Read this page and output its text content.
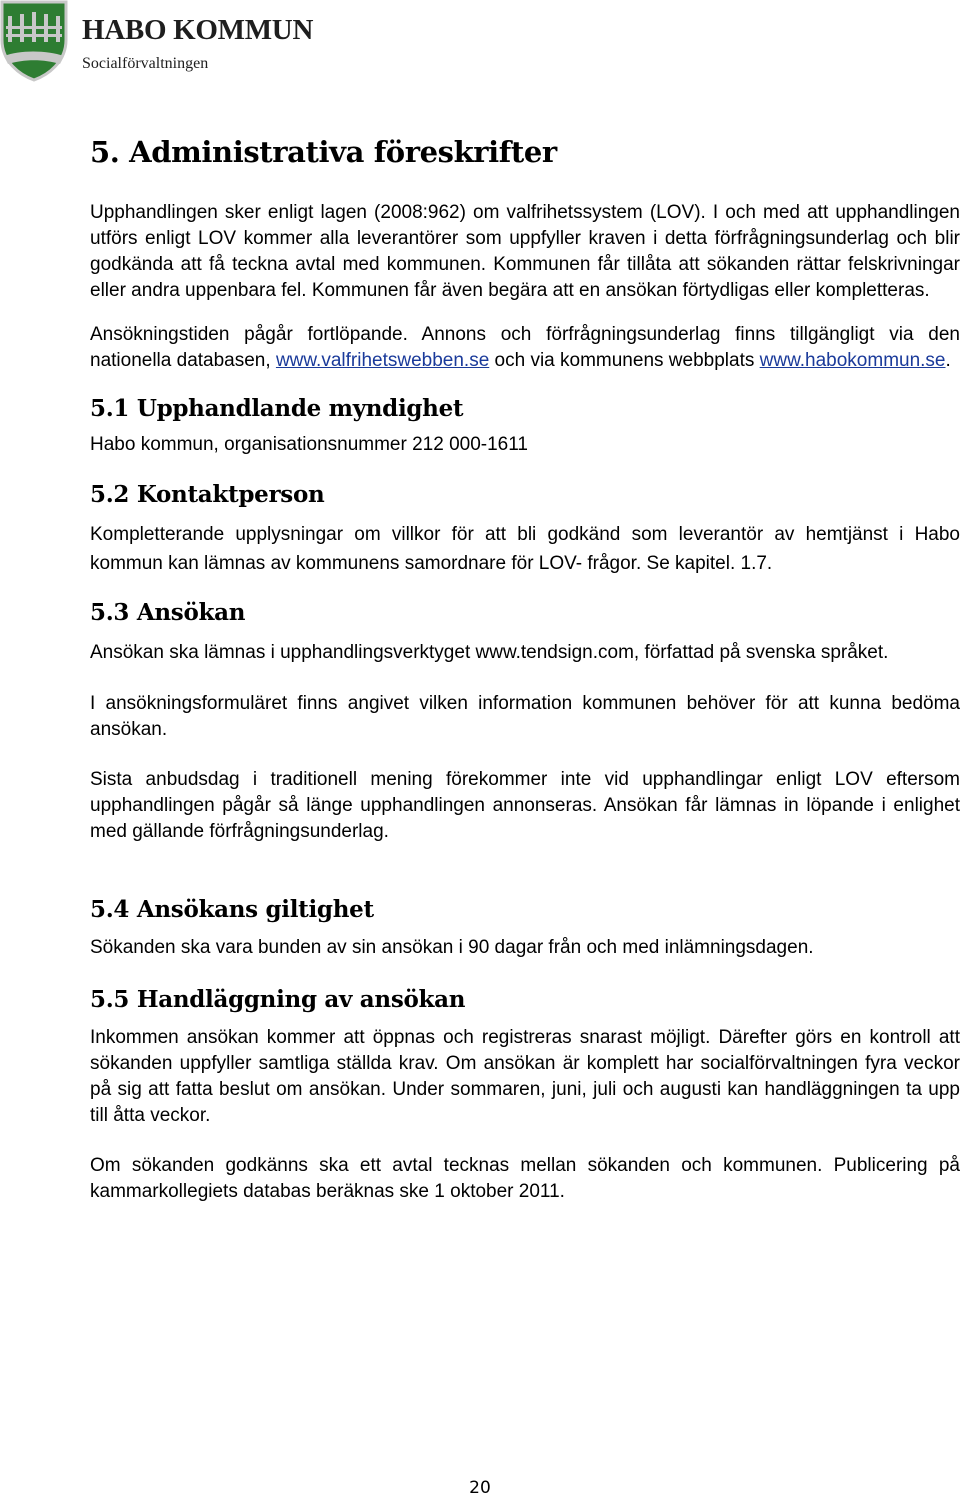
HABO KOMMUN
Socialförvaltningen
5. Administrativa föreskrifter

Upphandlingen sker enligt lagen (2008:962) om valfrihetssystem (LOV). I och med att upphandlingen utförs enligt LOV kommer alla leverantörer som uppfyller kraven i detta förfrågningsunderlag och blir godkända att få teckna avtal med kommunen. Kommunen får tillåta att sökanden rättar felskrivningar eller andra uppenbara fel. Kommunen får även begära att en ansökan förtydligas eller kompletteras.

Ansökningstiden pågår fortlöpande. Annons och förfrågningsunderlag finns tillgängligt via den nationella databasen, www.valfrihetswebben.se och via kommunens webbplats www.habokommun.se.

5.1 Upphandlande myndighet

Habo kommun, organisationsnummer 212 000-1611

5.2 Kontaktperson

Kompletterande upplysningar om villkor för att bli godkänd som leverantör av hemtjänst i Habo kommun kan lämnas av kommunens samordnare för LOV- frågor. Se kapitel. 1.7.

5.3 Ansökan

Ansökan ska lämnas i upphandlingsverktyget www.tendsign.com, författad på svenska språket.

I ansökningsformuläret finns angivet vilken information kommunen behöver för att kunna bedöma ansökan.

Sista anbudsdag i traditionell mening förekommer inte vid upphandlingar enligt LOV eftersom upphandlingen pågår så länge upphandlingen annonseras. Ansökan får lämnas in löpande i enlighet med gällande förfrågningsunderlag.

5.4 Ansökans giltighet

Sökanden ska vara bunden av sin ansökan i 90 dagar från och med inlämningsdagen.

5.5 Handläggning av ansökan

Inkommen ansökan kommer att öppnas och registreras snarast möjligt. Därefter görs en kontroll att sökanden uppfyller samtliga ställda krav. Om ansökan är komplett har socialförvaltningen fyra veckor på sig att fatta beslut om ansökan. Under sommaren, juni, juli och augusti kan handläggningen ta upp till åtta veckor.

Om sökanden godkänns ska ett avtal tecknas mellan sökanden och kommunen. Publicering på kammarkollegiets databas beräknas ske 1 oktober 2011.

20
